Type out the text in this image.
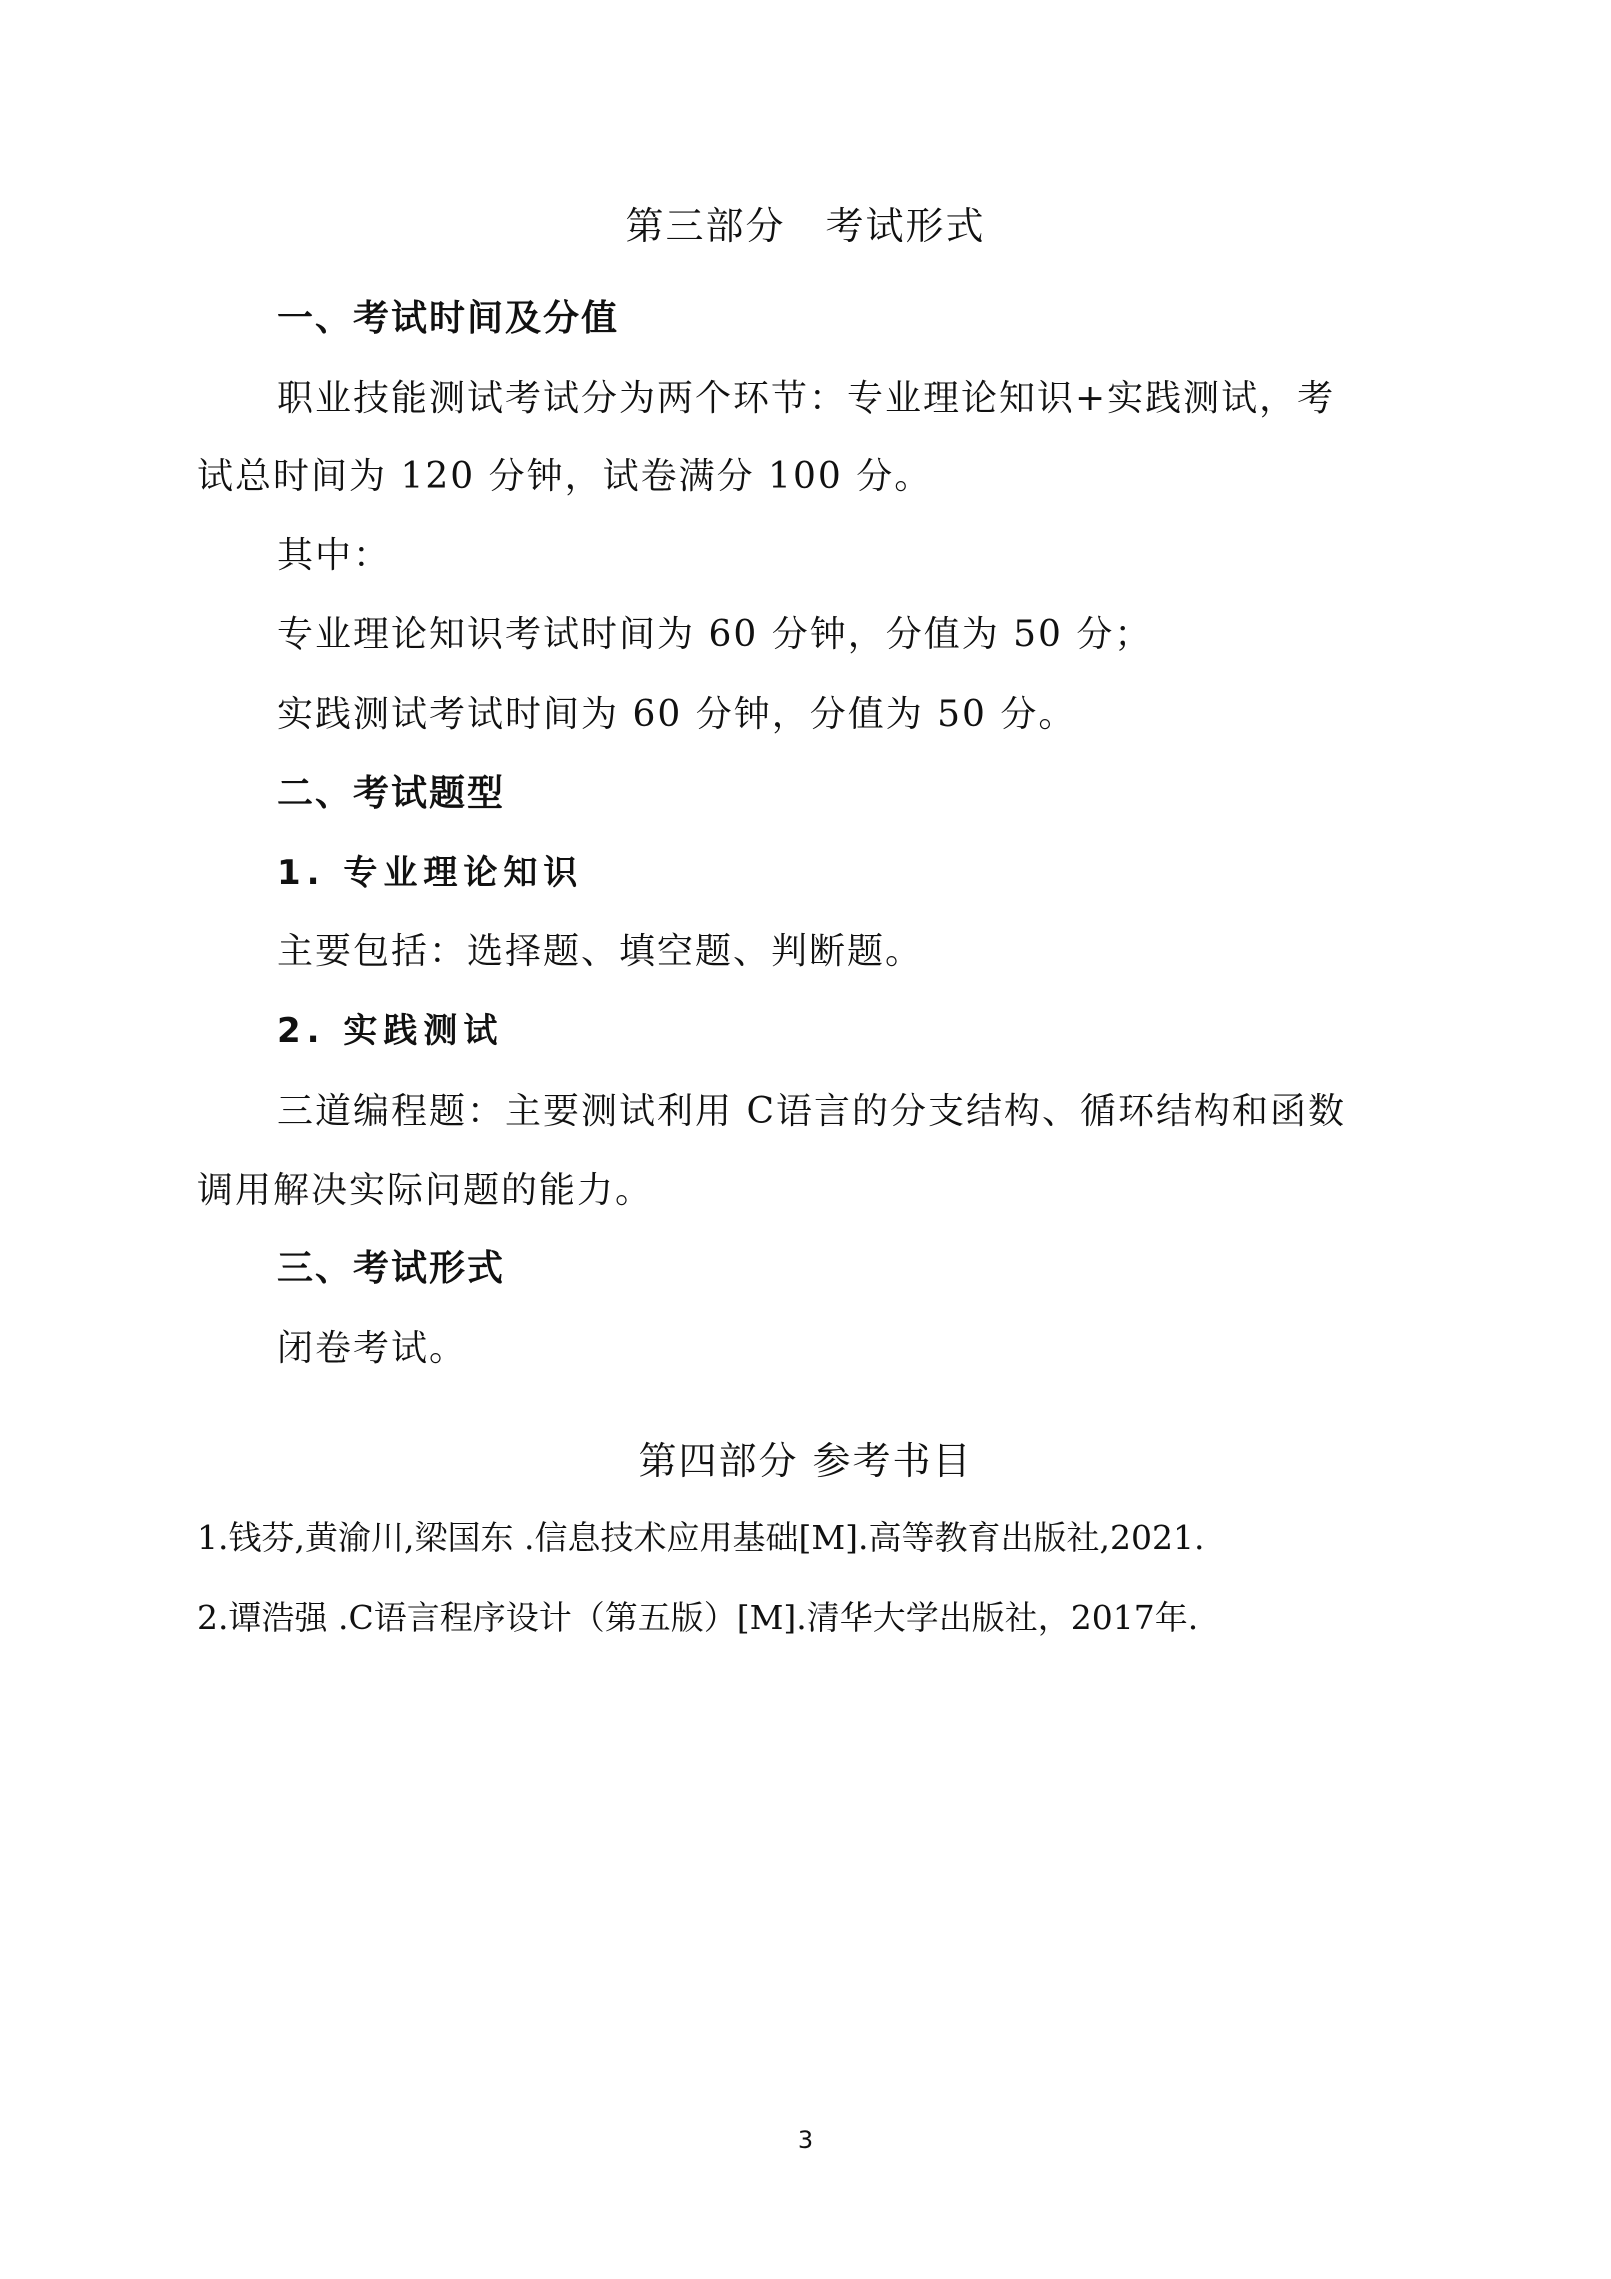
第三部分　考试形式
一、考试时间及分值
职业技能测试考试分为两个环节：专业理论知识+实践测试，考
试总时间为 120 分钟，试卷满分 100 分。
其中：
专业理论知识考试时间为 60 分钟，分值为 50 分；
实践测试考试时间为 60 分钟，分值为 50 分。
二、考试题型
1. 专业理论知识
主要包括：选择题、填空题、判断题。
2. 实践测试
三道编程题：主要测试利用 C语言的分支结构、循环结构和函数
调用解决实际问题的能力。
三、考试形式
闭卷考试。
第四部分 参考书目
1.钱芬,黄渝川,梁国东 .信息技术应用基础[M].高等教育出版社,2021.
2.谭浩强 .C语言程序设计（第五版）[M].清华大学出版社，2017年.
3
